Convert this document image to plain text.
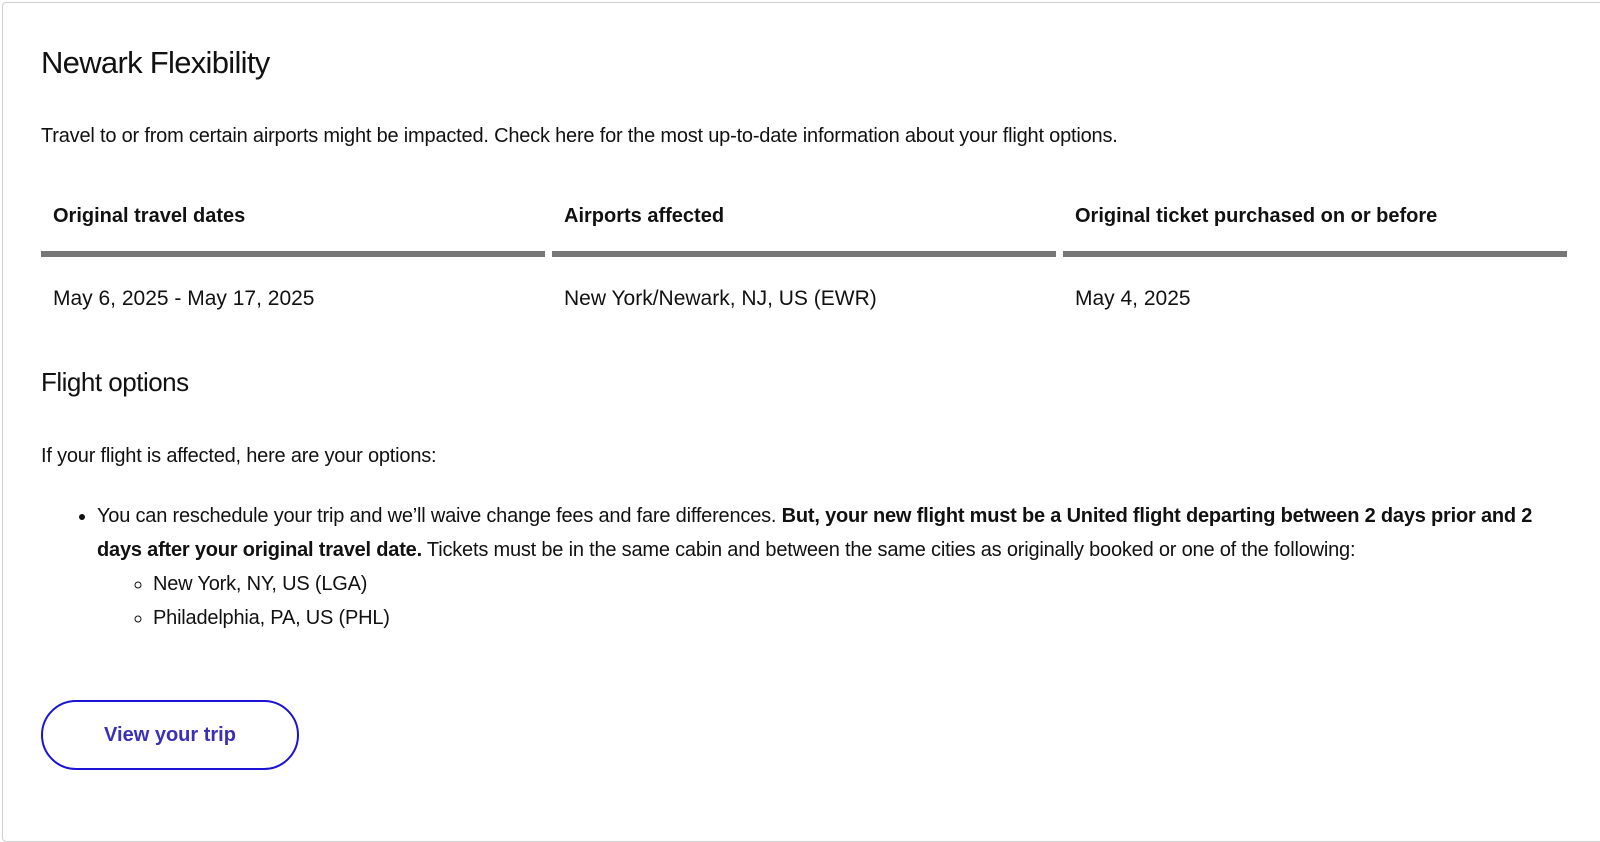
Newark Flexibility

Travel to or from certain airports might be impacted. Check here for the most up-to-date information about your flight options.

Original travel dates	Airports affected	Original ticket purchased on or before
May 6, 2025 - May 17, 2025	New York/Newark, NJ, US (EWR)	May 4, 2025
Flight options

If your flight is affected, here are your options:

• You can reschedule your trip and we’ll waive change fees and fare differences. But, your new flight must be a United flight departing between 2 days prior and 2 days after your original travel date. Tickets must be in the same cabin and between the same cities as originally booked or one of the following:
◦ New York, NY, US (LGA)
◦ Philadelphia, PA, US (PHL)
View your trip
